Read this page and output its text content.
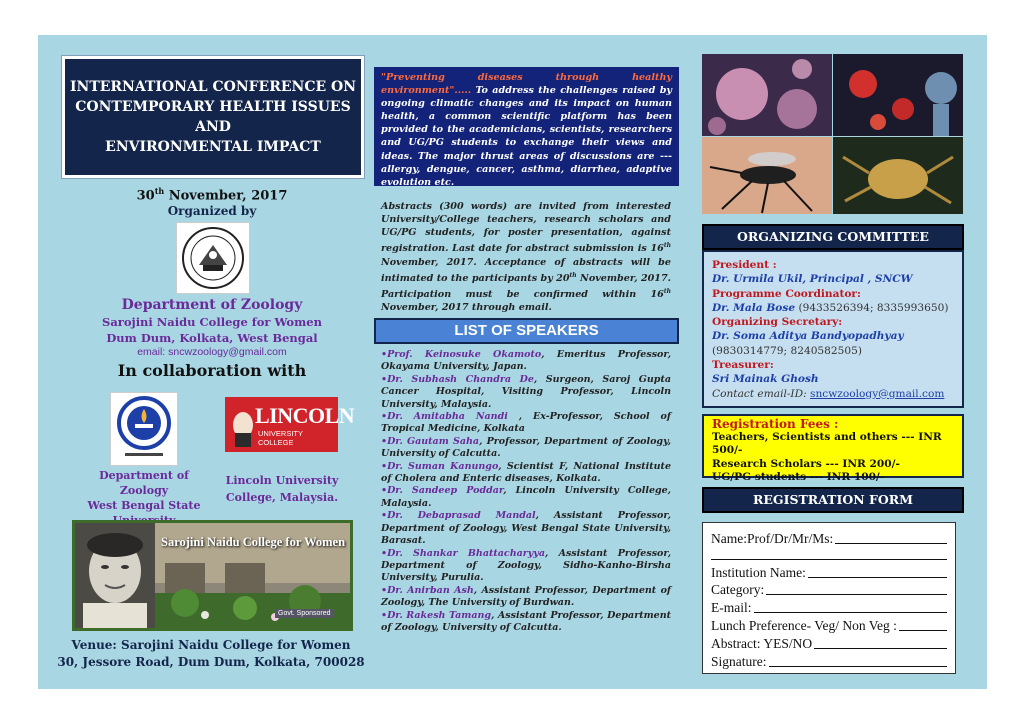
INTERNATIONAL CONFERENCE ON
CONTEMPORARY HEALTH ISSUES
AND
ENVIRONMENTAL IMPACT
30th November, 2017
Organized by
Department of Zoology
Sarojini Naidu College for Women
Dum Dum, Kolkata, West Bengal
email: sncwzoology@gmail.com
In collaboration with
LINCOLN
UNIVERSITY COLLEGE
Department of Zoology
West Bengal State
Lincoln University
College, Malaysia.
Sarojini Naidu College for Women
Govt. Sponsored
Venue: Sarojini Naidu College for Women
30, Jessore Road, Dum Dum, Kolkata, 700028
"Preventing diseases through healthy environment"..... To address the challenges raised by ongoing climatic changes and its impact on human health, a common scientific platform has been provided to the academicians, scientists, researchers and UG/PG students to exchange their views and ideas. The major thrust areas of discussions are --- allergy, dengue, cancer, asthma, diarrhea, adaptive evolution etc.
Abstracts (300 words) are invited from interested University/College teachers, research scholars and UG/PG students, for poster presentation, against registration. Last date for abstract submission is 16th November, 2017. Acceptance of abstracts will be intimated to the participants by 20th November, 2017. Participation must be confirmed within 16th November, 2017 through email.
LIST OF SPEAKERS
•Prof. Keinosuke Okamoto, Emeritus Professor, Okayama University, Japan.
•Dr. Subhash Chandra De, Surgeon, Saroj Gupta Cancer Hospital, Visiting Professor, Lincoln University, Malaysia.
•Dr. Amitabha Nandi , Ex-Professor, School of Tropical Medicine, Kolkata
•Dr. Gautam Saha, Professor, Department of Zoology, University of Calcutta.
•Dr. Suman Kanungo, Scientist F, National Institute of Cholera and Enteric diseases, Kolkata.
•Dr. Sandeep Poddar, Lincoln University College, Malaysia.
•Dr. Debaprasad Mandal, Assistant Professor, Department of Zoology, West Bengal State University, Barasat.
•Dr. Shankar Bhattacharyya, Assistant Professor, Department of Zoology, Sidho-Kanho-Birsha University, Purulia.
•Dr. Anirban Ash, Assistant Professor, Department of Zoology, The University of Burdwan.
•Dr. Rakesh Tamang, Assistant Professor, Department of Zoology, University of Calcutta.
ORGANIZING COMMITTEE
President :
Dr. Urmila Ukil, Principal , SNCW
Programme Coordinator:
Dr. Mala Bose (9433526394; 8335993650)
Organizing Secretary:
Dr. Soma Aditya Bandyopadhyay
(9830314779; 8240582505)
Treasurer:
Sri Mainak Ghosh
Contact email-ID: sncwzoology@gmail.com
Registration Fees :
Teachers, Scientists and others --- INR 500/-
Research Scholars --- INR 200/-
UG/PG students --- INR 100/-
REGISTRATION FORM
Name:Prof/Dr/Mr/Ms:
Institution Name:
Category:
E-mail:
Lunch Preference- Veg/ Non Veg :
Abstract: YES/NO
Signature:
